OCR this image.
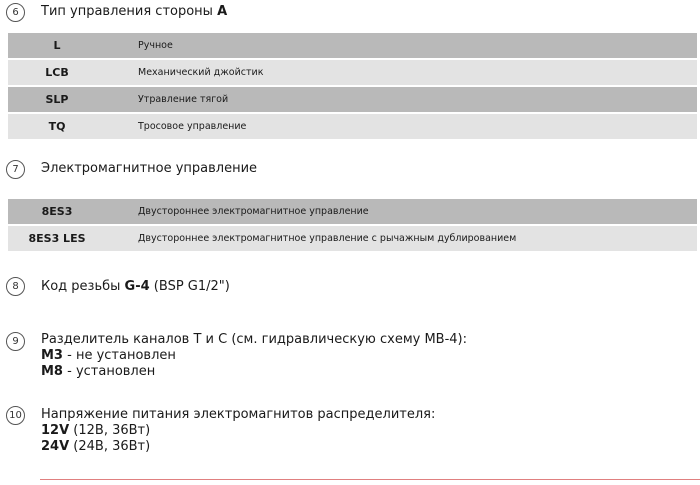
6	Тип управления стороны A
L	Ручное
LCB	Механический джойстик
SLP	Утравление тягой
TQ	Тросовое управление
7	Электромагнитное управление
8ES3	Двустороннее электромагнитное управление
8ES3 LES	Двустороннее электромагнитное управление с рычажным дублированием
8	Код резьбы G-4 (BSP G1/2")
9	Разделитель каналов T и C (см. гидравлическую схему MB-4):
M3 - не установлен
M8 - установлен
10 Напряжение питания электромагнитов распределителя:
12V (12В, 36Вт)
24V (24В, 36Вт)
